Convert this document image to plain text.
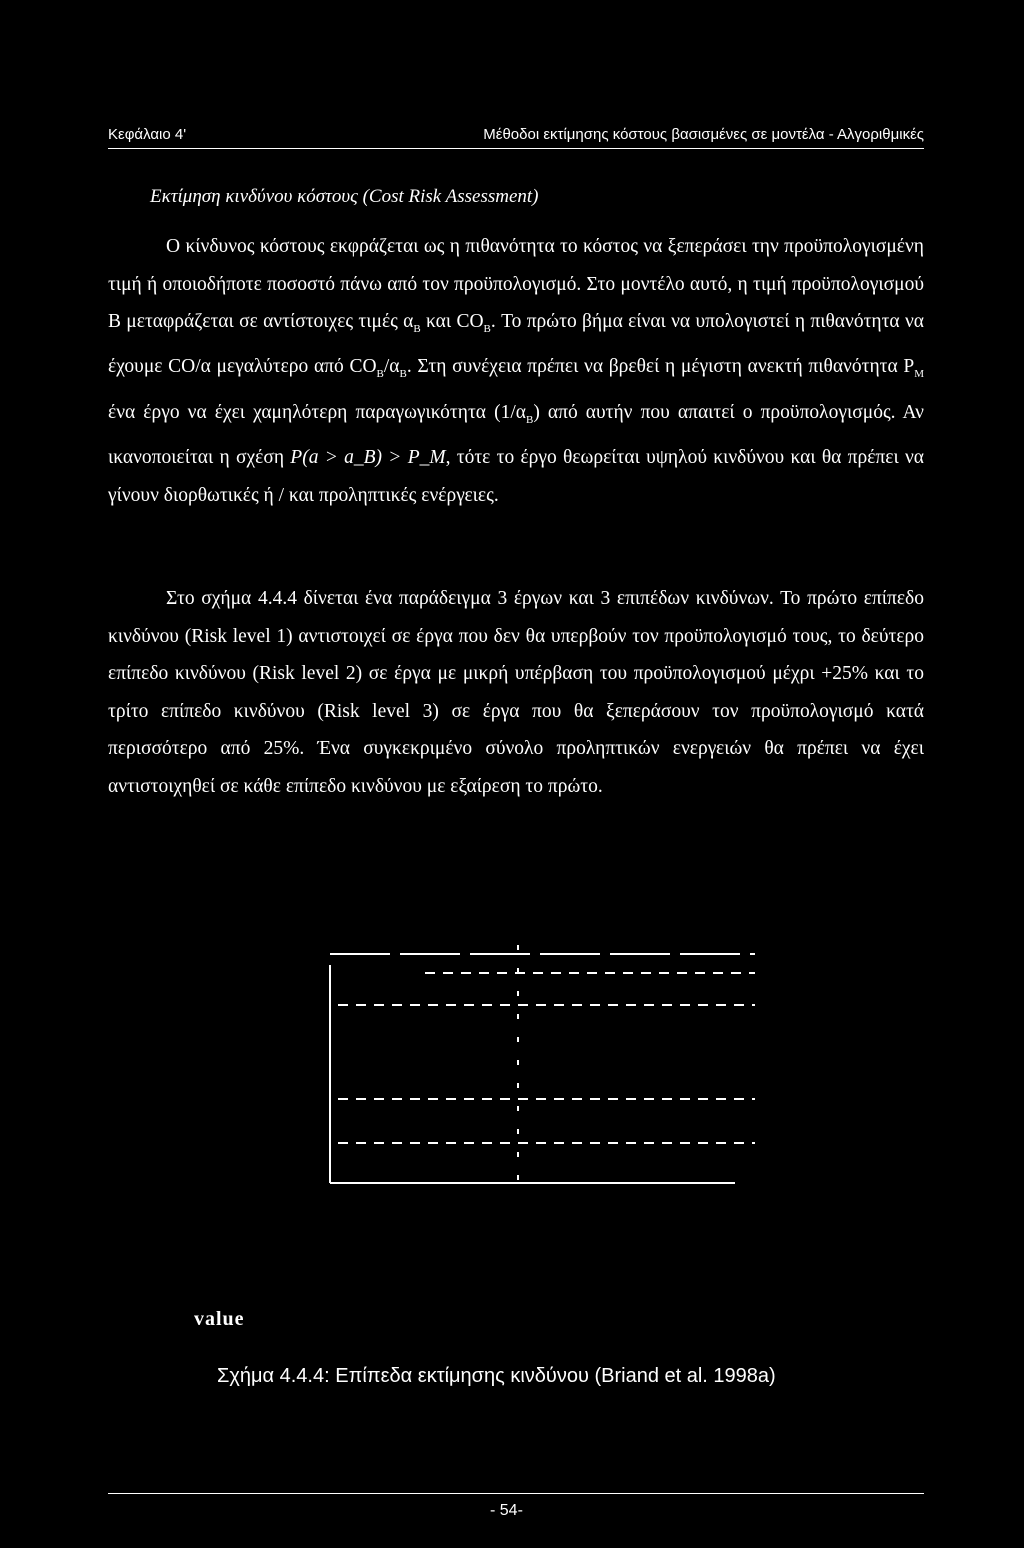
Κεφάλαιο 4'	Μέθοδοι εκτίμησης κόστους βασισμένες σε μοντέλα - Αλγοριθμικές
Εκτίμηση κινδύνου κόστους (Cost Risk Assessment)

Ο κίνδυνος κόστους εκφράζεται ως η πιθανότητα το κόστος να ξεπεράσει την προϋπολογισμένη τιμή ή οποιοδήποτε ποσοστό πάνω από τον προϋπολογισμό. Στο μοντέλο αυτό, η τιμή προϋπολογισμού Β μεταφράζεται σε αντίστοιχες τιμές $\alpha_B$ και $CO_B$. Το πρώτο βήμα είναι να υπολογιστεί η πιθανότητα να έχουμε CO/α μεγαλύτερο από $CO_B/\alpha_B$. Στη συνέχεια πρέπει να βρεθεί η μέγιστη ανεκτή πιθανότητα $P_M$ ένα έργο να έχει χαμηλότερη παραγωγικότητα $(1/\alpha_B)$ από αυτήν που απαιτεί ο προϋπολογισμός. Αν ικανοποιείται η σχέση P(a > a_B) > P_M, τότε το έργο θεωρείται υψηλού κινδύνου και θα πρέπει να γίνουν διορθωτικές ή / και προληπτικές ενέργειες.

Στο σχήμα 4.4.4 δίνεται ένα παράδειγμα 3 έργων και 3 επιπέδων κινδύνων. Το πρώτο επίπεδο κινδύνου (Risk level 1) αντιστοιχεί σε έργα που δεν θα υπερβούν τον προϋπολογισμό τους, το δεύτερο επίπεδο κινδύνου (Risk level 2) σε έργα με μικρή υπέρβαση του προϋπολογισμού μέχρι +25% και το τρίτο επίπεδο κινδύνου (Risk level 3) σε έργα που θα ξεπεράσουν τον προϋπολογισμό κατά περισσότερο από 25%. Ένα συγκεκριμένο σύνολο προληπτικών ενεργειών θα πρέπει να έχει αντιστοιχηθεί σε κάθε επίπεδο κινδύνου με εξαίρεση το πρώτο.

value
Σχήμα 4.4.4: Επίπεδα εκτίμησης κινδύνου (Briand et al. 1998a)
- 54-
